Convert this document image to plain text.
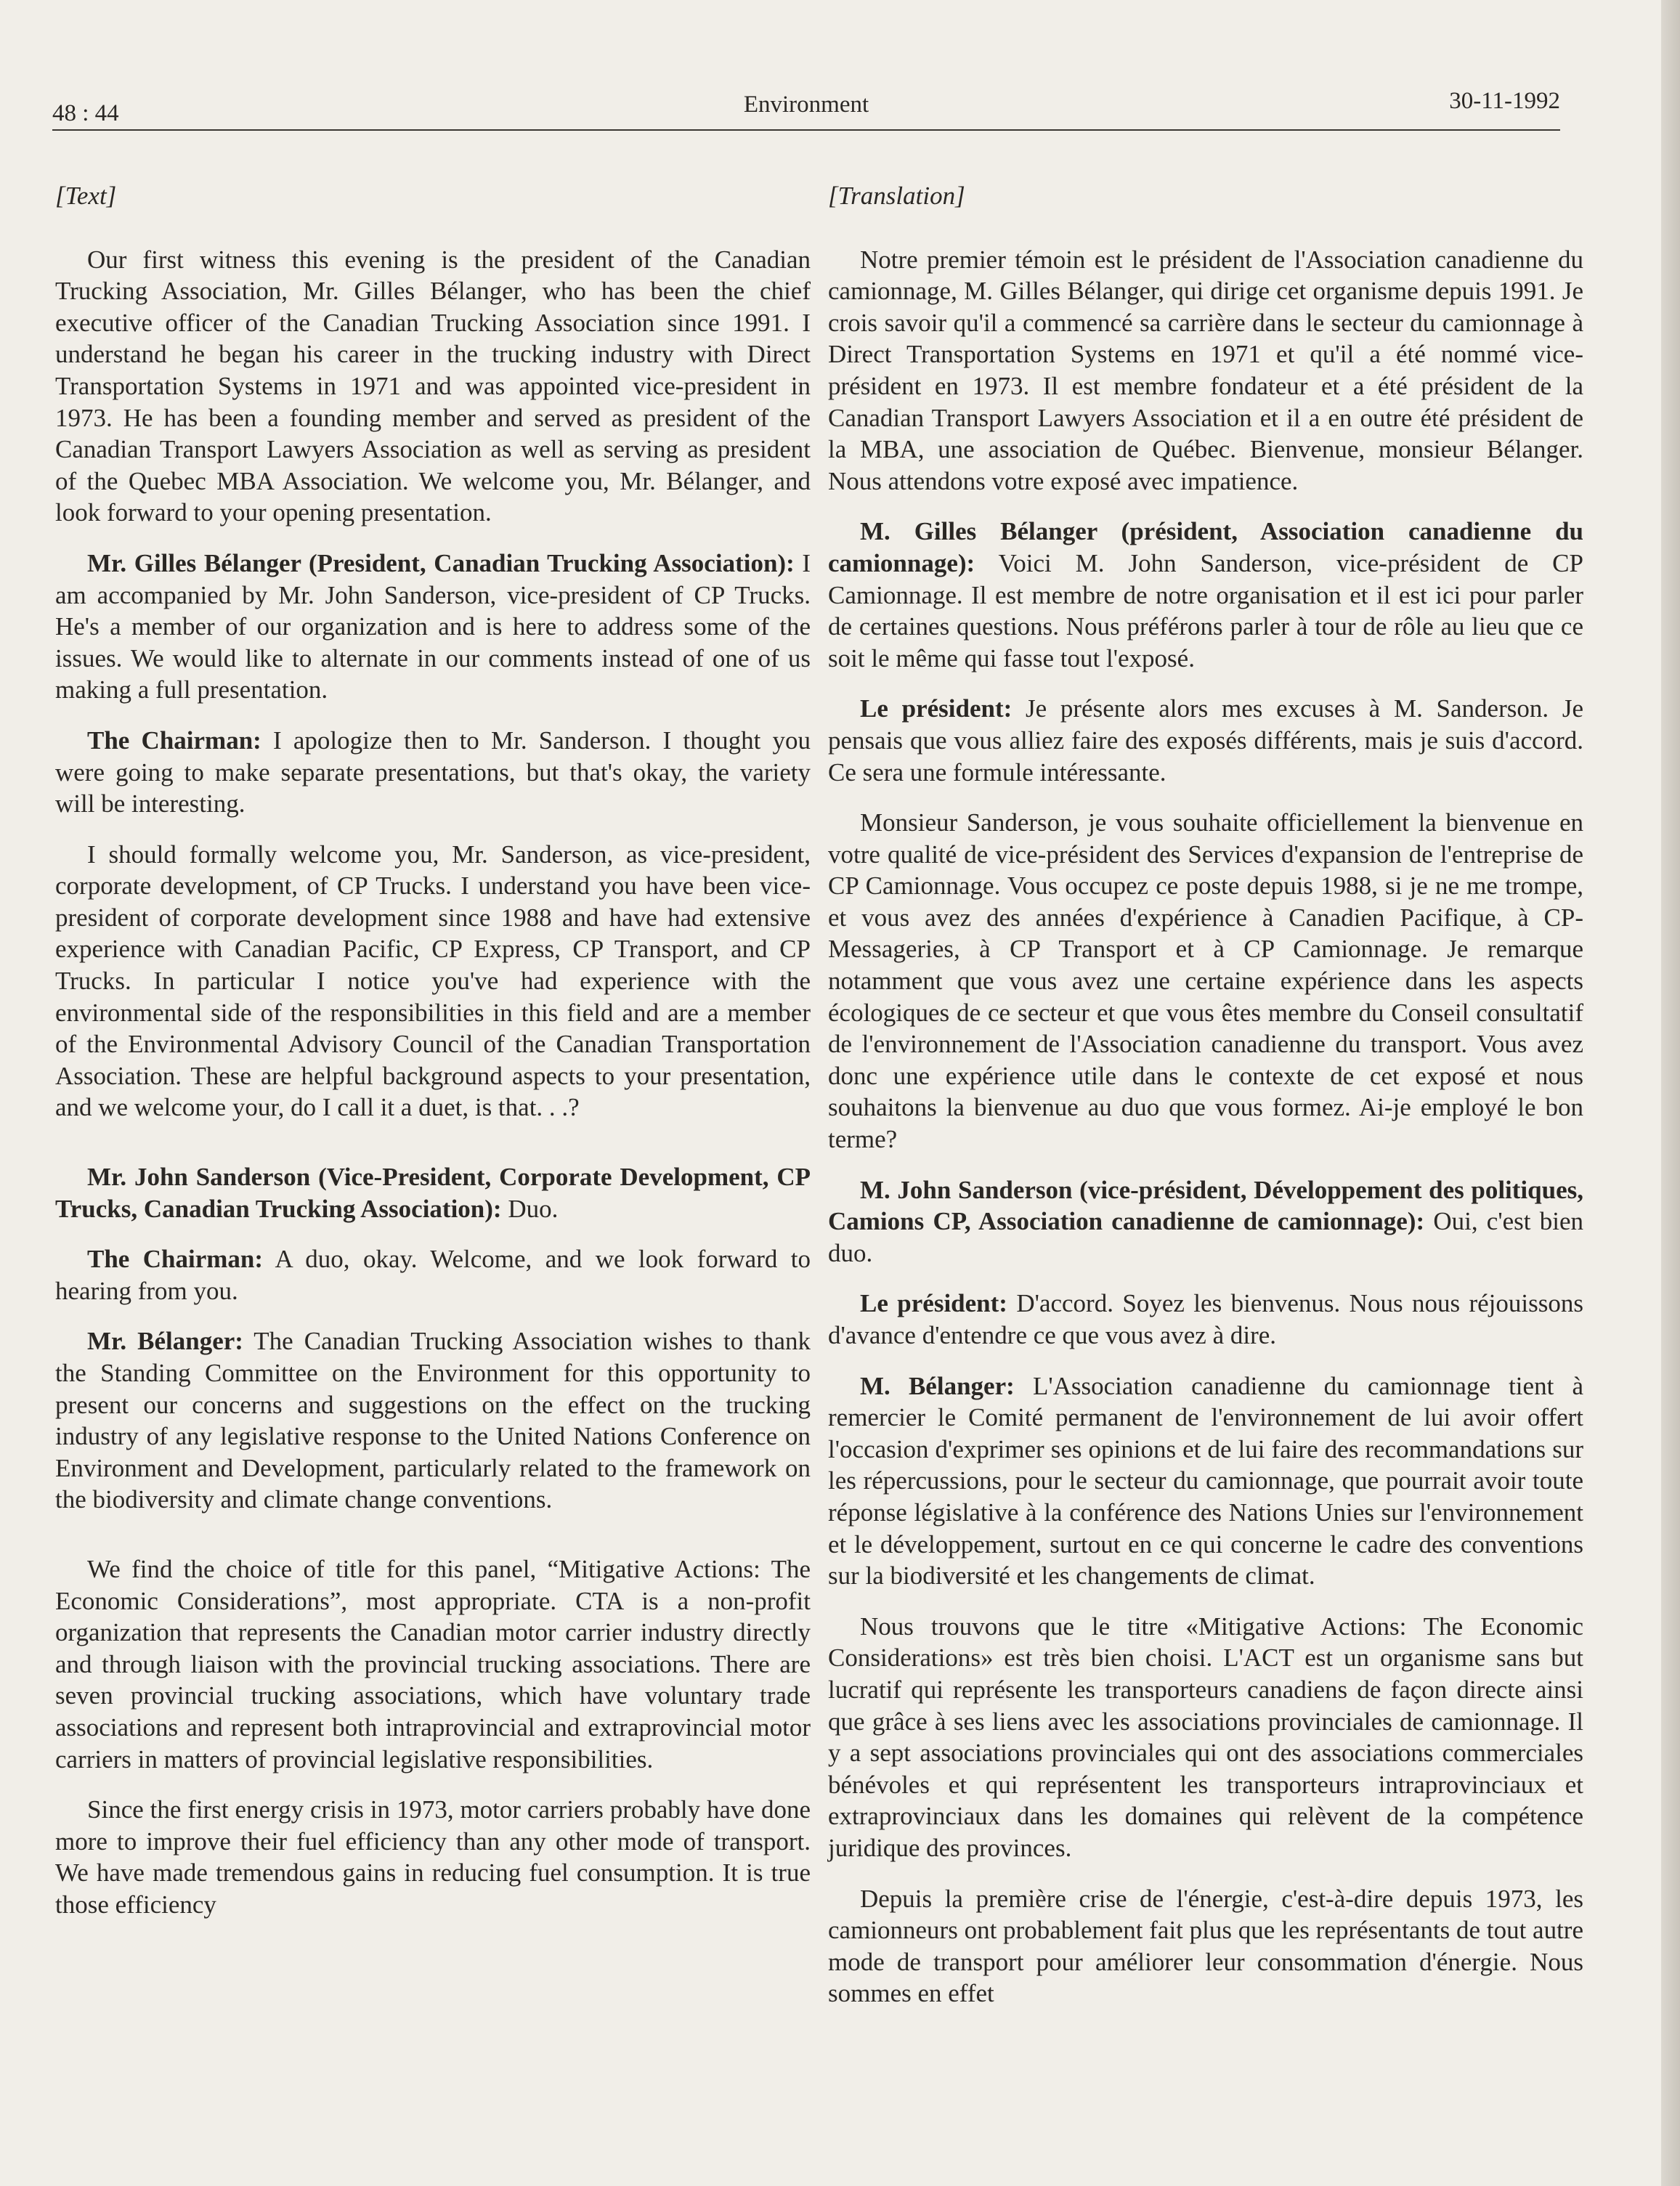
48 : 44	Environment	30-11-1992

[Text]

Our first witness this evening is the president of the Canadian Trucking Association, Mr. Gilles Bélanger, who has been the chief executive officer of the Canadian Trucking Association since 1991. I understand he began his career in the trucking industry with Direct Transportation Systems in 1971 and was appointed vice-president in 1973. He has been a founding member and served as president of the Canadian Transport Lawyers Association as well as serving as president of the Quebec MBA Association. We welcome you, Mr. Bélanger, and look forward to your opening presentation.

Mr. Gilles Bélanger (President, Canadian Trucking Association): I am accompanied by Mr. John Sanderson, vice-president of CP Trucks. He's a member of our organization and is here to address some of the issues. We would like to alternate in our comments instead of one of us making a full presentation.

The Chairman: I apologize then to Mr. Sanderson. I thought you were going to make separate presentations, but that's okay, the variety will be interesting.

I should formally welcome you, Mr. Sanderson, as vice-president, corporate development, of CP Trucks. I understand you have been vice-president of corporate development since 1988 and have had extensive experience with Canadian Pacific, CP Express, CP Transport, and CP Trucks. In particular I notice you've had experience with the environmental side of the responsibilities in this field and are a member of the Environmental Advisory Council of the Canadian Transportation Association. These are helpful background aspects to your presentation, and we welcome your, do I call it a duet, is that. . .?

Mr. John Sanderson (Vice-President, Corporate Development, CP Trucks, Canadian Trucking Association): Duo.

The Chairman: A duo, okay. Welcome, and we look forward to hearing from you.

Mr. Bélanger: The Canadian Trucking Association wishes to thank the Standing Committee on the Environment for this opportunity to present our concerns and suggestions on the effect on the trucking industry of any legislative response to the United Nations Conference on Environment and Development, particularly related to the framework on the biodiversity and climate change conventions.

We find the choice of title for this panel, “Mitigative Actions: The Economic Considerations”, most appropriate. CTA is a non-profit organization that represents the Canadian motor carrier industry directly and through liaison with the provincial trucking associations. There are seven provincial trucking associations, which have voluntary trade associations and represent both intraprovincial and extraprovincial motor carriers in matters of provincial legislative responsibilities.

Since the first energy crisis in 1973, motor carriers probably have done more to improve their fuel efficiency than any other mode of transport. We have made tremendous gains in reducing fuel consumption. It is true those efficiency

[Translation]

Notre premier témoin est le président de l'Association canadienne du camionnage, M. Gilles Bélanger, qui dirige cet organisme depuis 1991. Je crois savoir qu'il a commencé sa carrière dans le secteur du camionnage à Direct Transportation Systems en 1971 et qu'il a été nommé vice-président en 1973. Il est membre fondateur et a été président de la Canadian Transport Lawyers Association et il a en outre été président de la MBA, une association de Québec. Bienvenue, monsieur Bélanger. Nous attendons votre exposé avec impatience.

M. Gilles Bélanger (président, Association canadienne du camionnage): Voici M. John Sanderson, vice-président de CP Camionnage. Il est membre de notre organisation et il est ici pour parler de certaines questions. Nous préférons parler à tour de rôle au lieu que ce soit le même qui fasse tout l'exposé.

Le président: Je présente alors mes excuses à M. Sanderson. Je pensais que vous alliez faire des exposés différents, mais je suis d'accord. Ce sera une formule intéressante.

Monsieur Sanderson, je vous souhaite officiellement la bienvenue en votre qualité de vice-président des Services d'expansion de l'entreprise de CP Camionnage. Vous occupez ce poste depuis 1988, si je ne me trompe, et vous avez des années d'expérience à Canadien Pacifique, à CP-Messageries, à CP Transport et à CP Camionnage. Je remarque notamment que vous avez une certaine expérience dans les aspects écologiques de ce secteur et que vous êtes membre du Conseil consultatif de l'environnement de l'Association canadienne du transport. Vous avez donc une expérience utile dans le contexte de cet exposé et nous souhaitons la bienvenue au duo que vous formez. Ai-je employé le bon terme?

M. John Sanderson (vice-président, Développement des politiques, Camions CP, Association canadienne de camionnage): Oui, c'est bien duo.

Le président: D'accord. Soyez les bienvenus. Nous nous réjouissons d'avance d'entendre ce que vous avez à dire.

M. Bélanger: L'Association canadienne du camionnage tient à remercier le Comité permanent de l'environnement de lui avoir offert l'occasion d'exprimer ses opinions et de lui faire des recommandations sur les répercussions, pour le secteur du camionnage, que pourrait avoir toute réponse législative à la conférence des Nations Unies sur l'environnement et le développement, surtout en ce qui concerne le cadre des conventions sur la biodiversité et les changements de climat.

Nous trouvons que le titre «Mitigative Actions: The Economic Considerations» est très bien choisi. L'ACT est un organisme sans but lucratif qui représente les transporteurs canadiens de façon directe ainsi que grâce à ses liens avec les associations provinciales de camionnage. Il y a sept associations provinciales qui ont des associations commerciales bénévoles et qui représentent les transporteurs intraprovinciaux et extraprovinciaux dans les domaines qui relèvent de la compétence juridique des provinces.

Depuis la première crise de l'énergie, c'est-à-dire depuis 1973, les camionneurs ont probablement fait plus que les représentants de tout autre mode de transport pour améliorer leur consommation d'énergie. Nous sommes en effet
